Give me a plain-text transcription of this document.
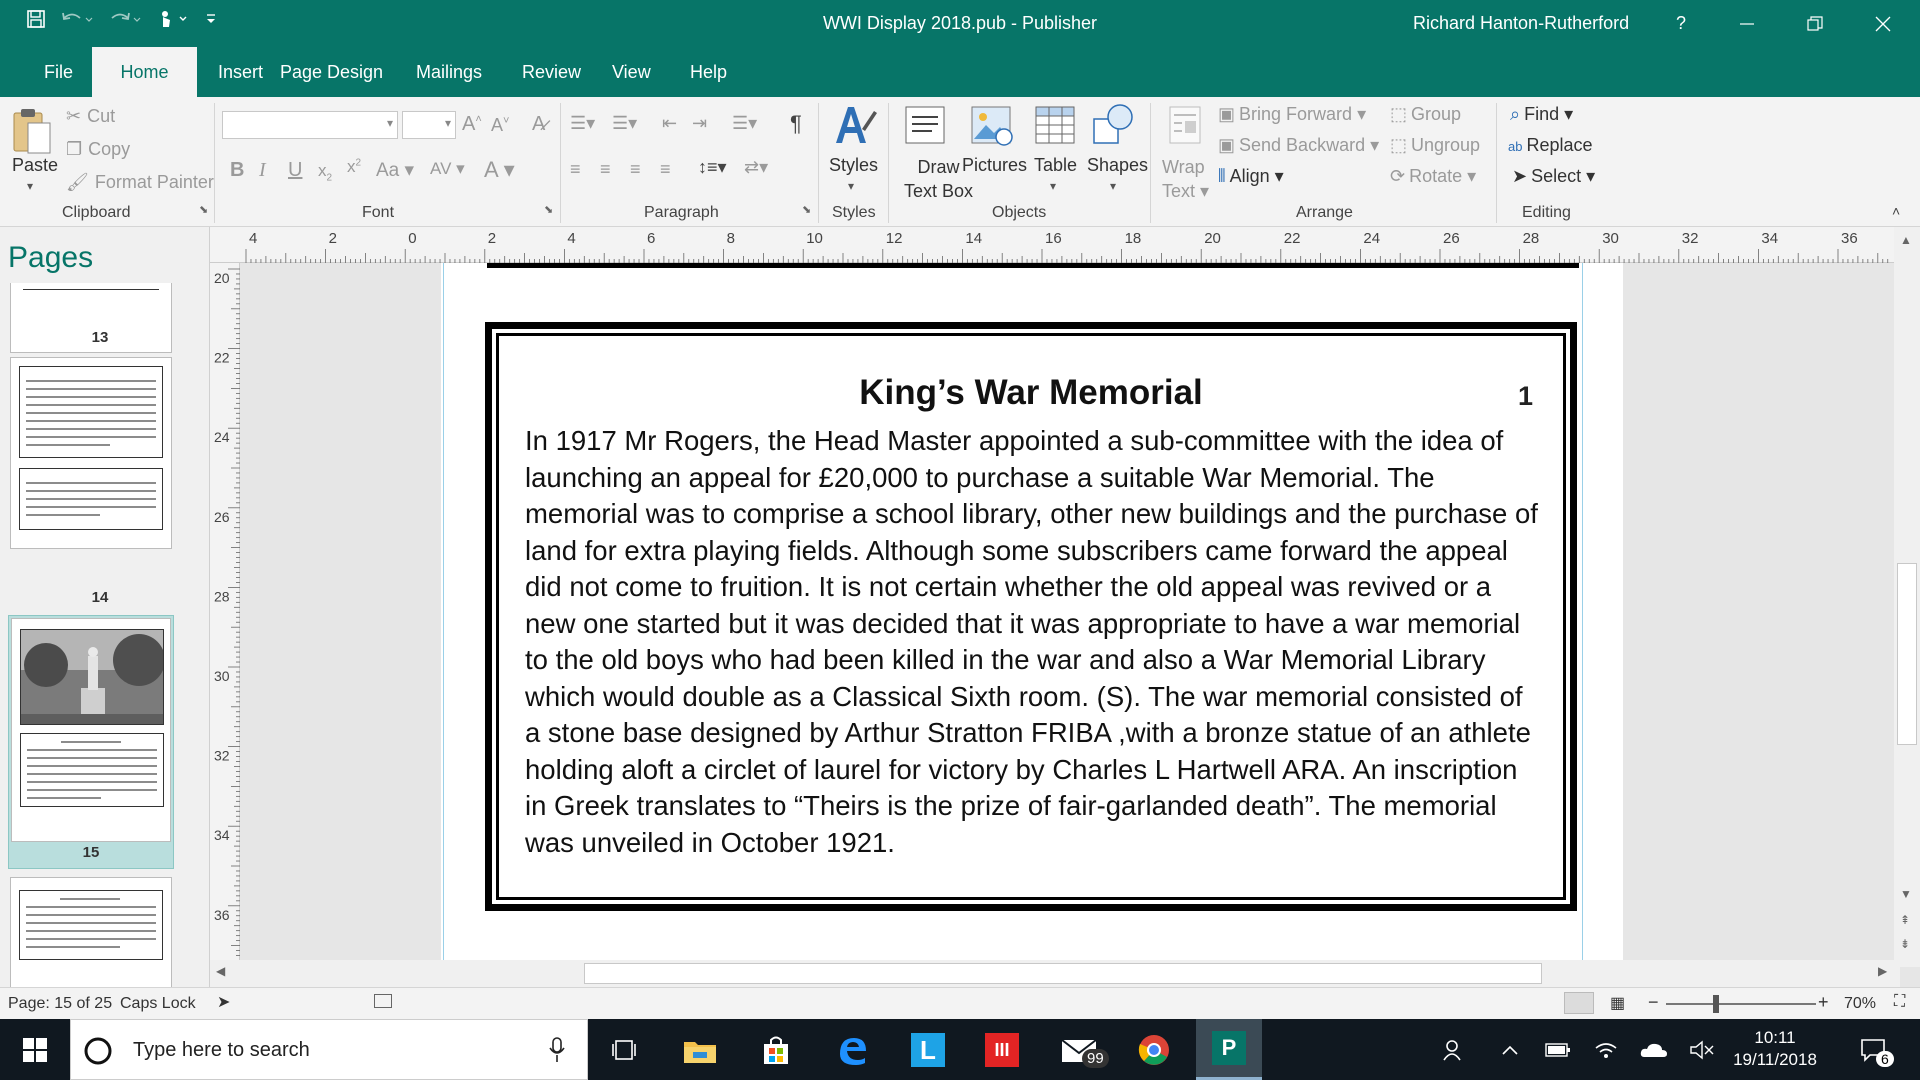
WWI Display 2018.pub - Publisher	Richard Hanton-Rutherford	?
File	Home	Insert Page Design	Mailings	Review	View	Help
Paste
▾
✂ Cut
❐ Copy
🖌 Format Painter
Clipboard	⬊
▾	▾ A˄ A˅ A̷
B I U $x_2$
$x^2$ Aa ▾ AV ▾ A ▾
Font	⬊
☰▾ ☰▾ ⇤ ⇥ ☰▾ ¶
≡ ≡ ≡ ≡ ↕≡▾ ⇄▾
Paragraph	⬊
Styles
▾
Styles
Draw
Text Box
Pictures Table
▾
Shapes
▾
Objects
Wrap
Text ▾
▣ Bring Forward ▾
▣ Send Backward ▾
⫴ Align ▾
⬚ Group
⬚ Ungroup
⟳ Rotate ▾
Arrange
⌕ Find ▾
ab Replace
➤ Select ▾
Editing	˄
Pages
13
14
15
4	2	0	2	4	6	8	10	12	14	16	18	20	22	24	26	28	30	32	34	36
20
22
24
26
28
30
32
34
36
King’s War Memorial	1
In 1917 Mr Rogers, the Head Master appointed a sub-committee with the idea of launching an appeal for £20,000 to purchase a suitable War Memorial. The memorial was to comprise a school library, other new buildings and the purchase of land for extra playing fields. Although some subscribers came forward the appeal did not come to fruition. It is not certain whether the old appeal was revived or a new one started but it was decided that it was appropriate to have a war memorial to the old boys who had been killed in the war and also a War Memorial Library which would double as a Classical Sixth room. (S). The war memorial consisted of a stone base designed by Arthur Stratton FRIBA ,with a bronze statue of an athlete holding aloft a circlet of laurel for victory by Charles L Hartwell ARA. An inscription in Greek translates to “Theirs is the prize of fair-garlanded death”. The memorial was unveiled in October 1921.
▲
▼
⇞
⇟
◀	▶
Page: 15 of 25 Caps Lock ➤	▦ −	+ 70% ⛶
Type here to search	L	III	99	P	10:11
19/11/2018	6
